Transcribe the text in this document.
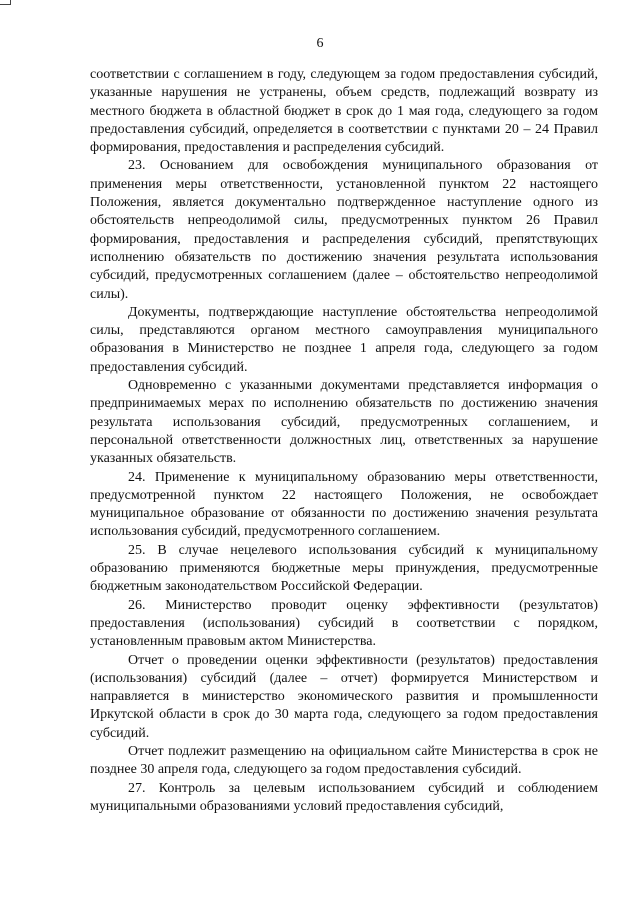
6

соответствии с соглашением в году, следующем за годом предоставления субсидий, указанные нарушения не устранены, объем средств, подлежащий возврату из местного бюджета в областной бюджет в срок до 1 мая года, следующего за годом предоставления субсидий, определяется в соответствии с пунктами 20 – 24 Правил формирования, предоставления и распределения субсидий.

23. Основанием для освобождения муниципального образования от применения меры ответственности, установленной пунктом 22 настоящего Положения, является документально подтвержденное наступление одного из обстоятельств непреодолимой силы, предусмотренных пунктом 26 Правил формирования, предоставления и распределения субсидий, препятствующих исполнению обязательств по достижению значения результата использования субсидий, предусмотренных соглашением (далее – обстоятельство непреодолимой силы).

Документы, подтверждающие наступление обстоятельства непреодолимой силы, представляются органом местного самоуправления муниципального образования в Министерство не позднее 1 апреля года, следующего за годом предоставления субсидий.

Одновременно с указанными документами представляется информация о предпринимаемых мерах по исполнению обязательств по достижению значения результата использования субсидий, предусмотренных соглашением, и персональной ответственности должностных лиц, ответственных за нарушение указанных обязательств.

24. Применение к муниципальному образованию меры ответственности, предусмотренной пунктом 22 настоящего Положения, не освобождает муниципальное образование от обязанности по достижению значения результата использования субсидий, предусмотренного соглашением.

25. В случае нецелевого использования субсидий к муниципальному образованию применяются бюджетные меры принуждения, предусмотренные бюджетным законодательством Российской Федерации.

26. Министерство проводит оценку эффективности (результатов) предоставления (использования) субсидий в соответствии с порядком, установленным правовым актом Министерства.

Отчет о проведении оценки эффективности (результатов) предоставления (использования) субсидий (далее – отчет) формируется Министерством и направляется в министерство экономического развития и промышленности Иркутской области в срок до 30 марта года, следующего за годом предоставления субсидий.

Отчет подлежит размещению на официальном сайте Министерства в срок не позднее 30 апреля года, следующего за годом предоставления субсидий.

27. Контроль за целевым использованием субсидий и соблюдением муниципальными образованиями условий предоставления субсидий,
